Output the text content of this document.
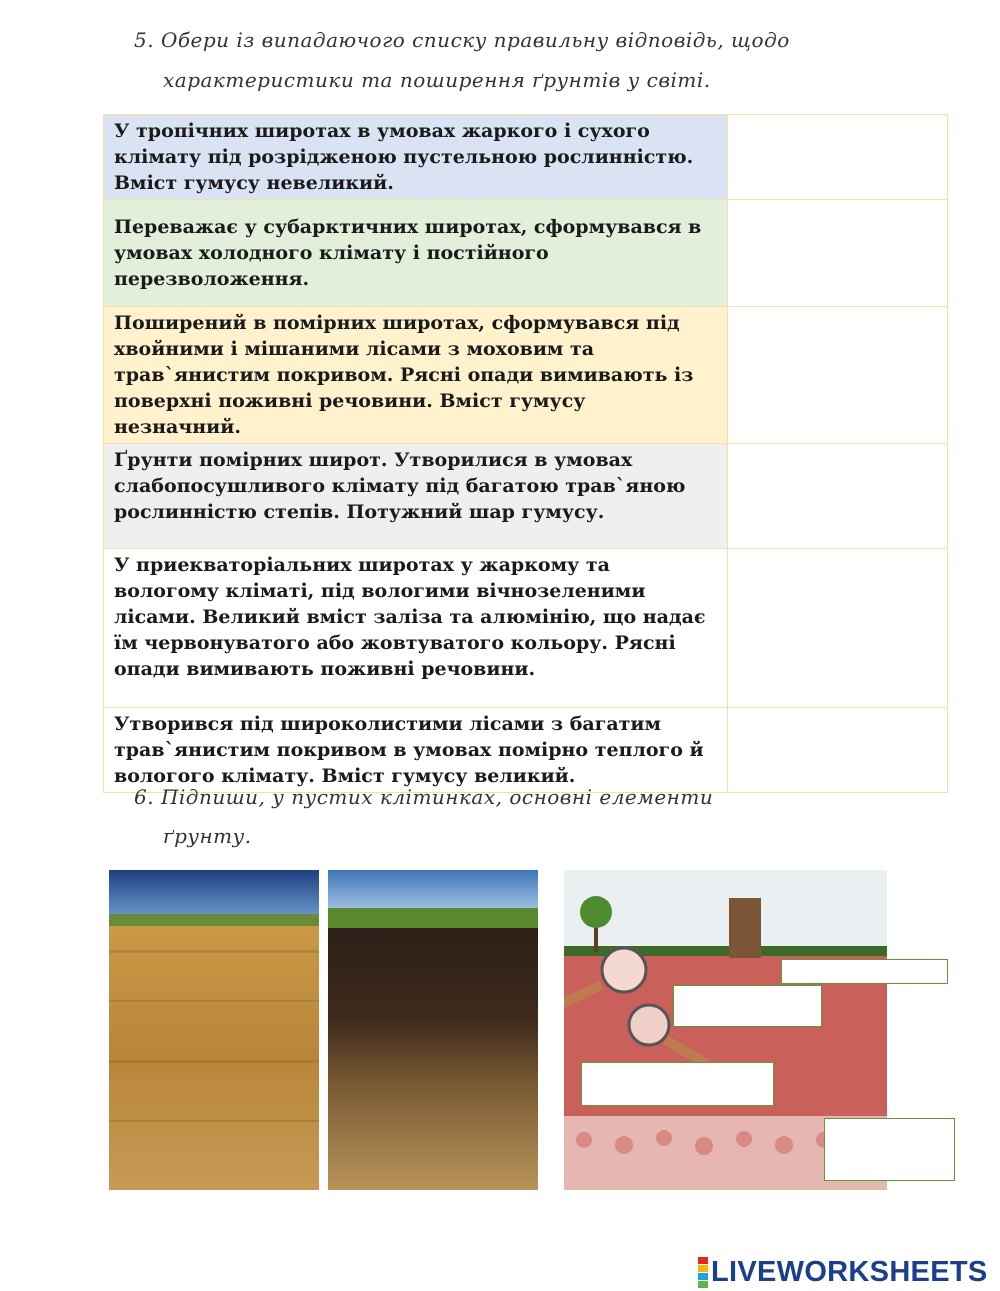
5. Обери із випадаючого списку правильну відповідь, щодо
характеристики та поширення ґрунтів у світі.
У тропічних широтах в умовах жаркого і сухого клімату під розрідженою пустельною рослинністю. Вміст гумусу невеликий.	
Переважає у субарктичних широтах, сформувався в умовах холодного клімату і постійного перезволоження.	
Поширений в помірних широтах, сформувався під хвойними і мішаними лісами з моховим та трав`янистим покривом. Рясні опади вимивають із поверхні поживні речовини. Вміст гумусу незначний.	
Ґрунти помірних широт. Утворилися в умовах слабопосушливого клімату під багатою трав`яною рослинністю степів. Потужний шар гумусу.	
У приекваторіальних широтах у жаркому та вологому кліматі, під вологими вічнозеленими лісами. Великий вміст заліза та алюмінію, що надає їм червонуватого або жовтуватого кольору. Рясні опади вимивають поживні речовини.	
Утворився під широколистими лісами з багатим трав`янистим покривом в умовах помірно теплого й вологого клімату. Вміст гумусу великий.	
6. Підпиши, у пустих клітинках, основні елементи
ґрунту.
LIVEWORKSHEETS
